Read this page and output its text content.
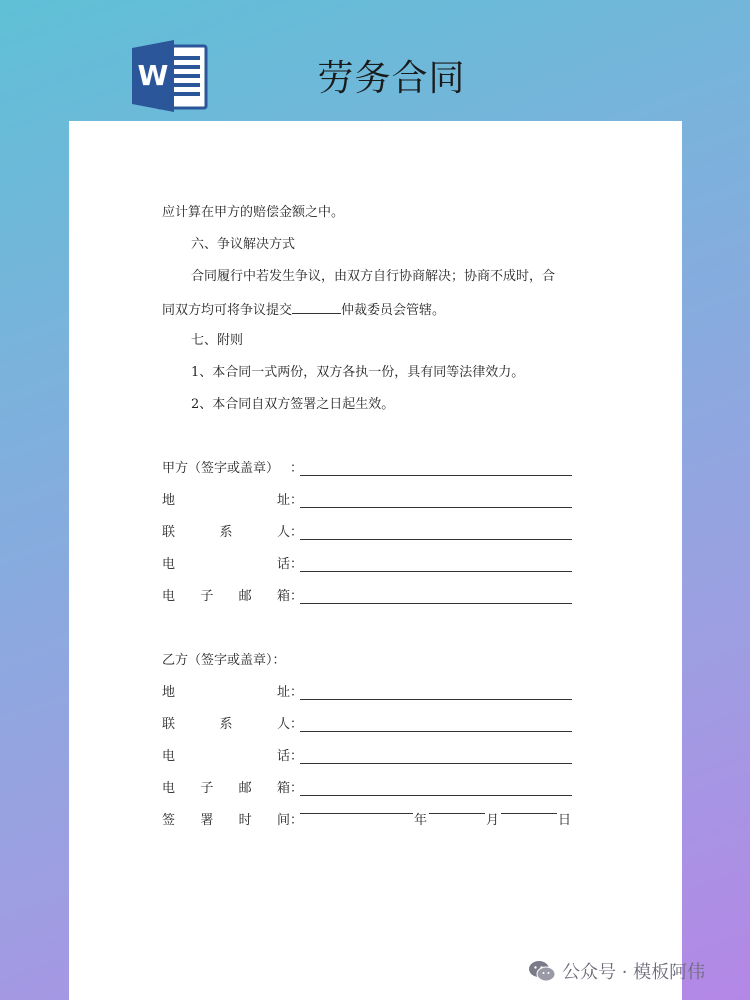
W	劳务合同
应计算在甲方的赔偿金额之中。
六、争议解决方式
合同履行中若发生争议，由双方自行协商解决；协商不成时，合
同双方均可将争议提交	仲裁委员会管辖。
七、附则
1、本合同一式两份，双方各执一份，具有同等法律效力。
2、本合同自双方签署之日起生效。
甲方（签字或盖章） ：
地址 ：
联系人 ：
电话 ：
电子邮箱 ：
乙方（签字或盖章）：
地址 ：
联系人 ：
电话 ：
电子邮箱 ：
签署时间 ：	年	月	日
公众号 · 模板阿伟
